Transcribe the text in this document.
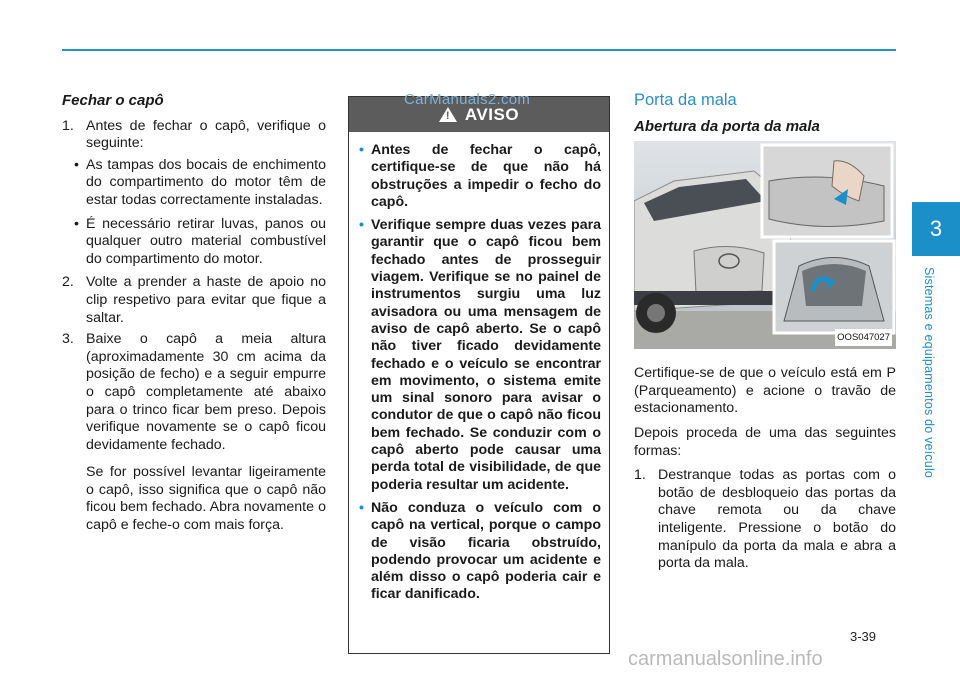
3
Sistemas e equipamentos do veículo
Fechar o capô
1. Antes de fechar o capô, verifique o seguinte:
• As tampas dos bocais de enchimento do compartimento do motor têm de estar todas correctamente instaladas.
• É necessário retirar luvas, panos ou qualquer outro material combustível do compartimento do motor.
2. Volte a prender a haste de apoio no clip respetivo para evitar que fique a saltar.
3. Baixe o capô a meia altura (aproximadamente 30 cm acima da posição de fecho) e a seguir empurre o capô completamente até abaixo para o trinco ficar bem preso. Depois verifique novamente se o capô ficou devidamente fechado.
Se for possível levantar ligeiramente o capô, isso significa que o capô não ficou bem fechado. Abra novamente o capô e feche-o com mais força.
! AVISO
• Antes de fechar o capô, certifique-se de que não há obstruções a impedir o fecho do capô.
• Verifique sempre duas vezes para garantir que o capô ficou bem fechado antes de prosseguir viagem. Verifique se no painel de instrumentos surgiu uma luz avisadora ou uma mensagem de aviso de capô aberto. Se o capô não tiver ficado devidamente fechado e o veículo se encontrar em movimento, o sistema emite um sinal sonoro para avisar o condutor de que o capô não ficou bem fechado. Se conduzir com o capô aberto pode causar uma perda total de visibilidade, de que poderia resultar um acidente.
• Não conduza o veículo com o capô na vertical, porque o campo de visão ficaria obstruído, podendo provocar um acidente e além disso o capô poderia cair e ficar danificado.
CarManuals2.com	Porta da mala
Abertura da porta da mala
OOS047027
Certifique-se de que o veículo está em P (Parqueamento) e acione o travão de estacionamento.
Depois proceda de uma das seguintes formas:
1. Destranque todas as portas com o botão de desbloqueio das portas da chave remota ou da chave inteligente. Pressione o botão do manípulo da porta da mala e abra a porta da mala.
3-39
carmanualsonline.info
